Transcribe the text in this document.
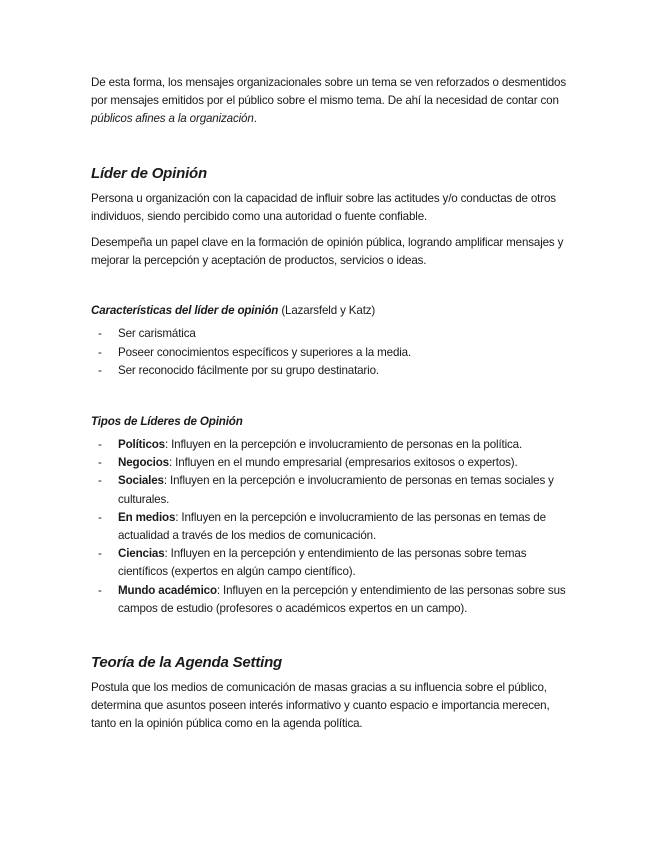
De esta forma, los mensajes organizacionales sobre un tema se ven reforzados o desmentidos por mensajes emitidos por el público sobre el mismo tema. De ahí la necesidad de contar con públicos afines a la organización.

Líder de Opinión

Persona u organización con la capacidad de influir sobre las actitudes y/o conductas de otros individuos, siendo percibido como una autoridad o fuente confiable.

Desempeña un papel clave en la formación de opinión pública, logrando amplificar mensajes y mejorar la percepción y aceptación de productos, servicios o ideas.

Características del líder de opinión (Lazarsfeld y Katz)
- Ser carismática
- Poseer conocimientos específicos y superiores a la media.
- Ser reconocido fácilmente por su grupo destinatario.
Tipos de Líderes de Opinión
- Políticos: Influyen en la percepción e involucramiento de personas en la política.
- Negocios: Influyen en el mundo empresarial (empresarios exitosos o expertos).
- Sociales: Influyen en la percepción e involucramiento de personas en temas sociales y culturales.
- En medios: Influyen en la percepción e involucramiento de las personas en temas de actualidad a través de los medios de comunicación.
- Ciencias: Influyen en la percepción y entendimiento de las personas sobre temas científicos (expertos en algún campo científico).
- Mundo académico: Influyen en la percepción y entendimiento de las personas sobre sus campos de estudio (profesores o académicos expertos en un campo).
Teoría de la Agenda Setting

Postula que los medios de comunicación de masas gracias a su influencia sobre el público, determina que asuntos poseen interés informativo y cuanto espacio e importancia merecen, tanto en la opinión pública como en la agenda política.
